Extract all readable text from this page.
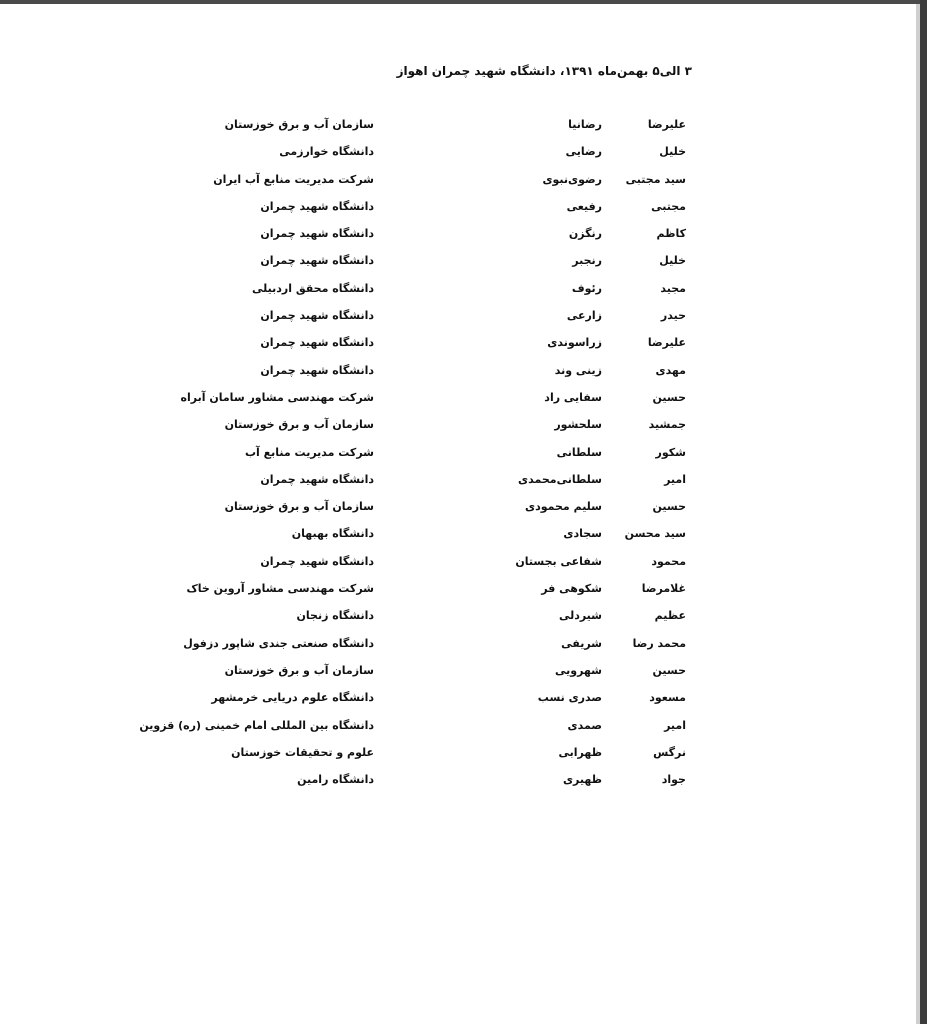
۳ الی۵ بهمن‌ماه ۱۳۹۱، دانشگاه شهید چمران اهواز
علیرضا
رضانیا
سازمان آب و برق خوزستان
خلیل
رضایی
دانشگاه خوارزمی
سید مجتبی
رضوی‌نبوی
شرکت مدیریت منابع آب ایران
مجتبی
رفیعی
دانشگاه شهید چمران
کاظم
رنگزن
دانشگاه شهید چمران
خلیل
رنجبر
دانشگاه شهید چمران
مجید
رئوف
دانشگاه محقق اردبیلی
حیدر
زارعی
دانشگاه شهید چمران
علیرضا
زراسوندی
دانشگاه شهید چمران
مهدی
زینی وند
دانشگاه شهید چمران
حسین
سفایی راد
شرکت مهندسی مشاور سامان آبراه
جمشید
سلحشور
سازمان آب و برق خوزستان
شکور
سلطانی
شرکت مدیریت منابع آب
امیر
سلطانی‌محمدی
دانشگاه شهید چمران
حسین
سلیم محمودی
سازمان آب و برق خوزستان
سید محسن
سجادی
دانشگاه بهبهان
محمود
شفاعی بجستان
دانشگاه شهید چمران
غلامرضا
شکوهی فر
شرکت مهندسی مشاور آروین خاک
عظیم
شیردلی
دانشگاه زنجان
محمد رضا
شریفی
دانشگاه صنعتی جندی شاپور دزفول
حسین
شهرویی
سازمان آب و برق خوزستان
مسعود
صدری نسب
دانشگاه علوم دریایی خرمشهر
امیر
صمدی
دانشگاه بین المللی امام خمینی (ره) قزوین
نرگس
ظهرابی
علوم و تحقیقات خوزستان
جواد
ظهیری
دانشگاه رامین
